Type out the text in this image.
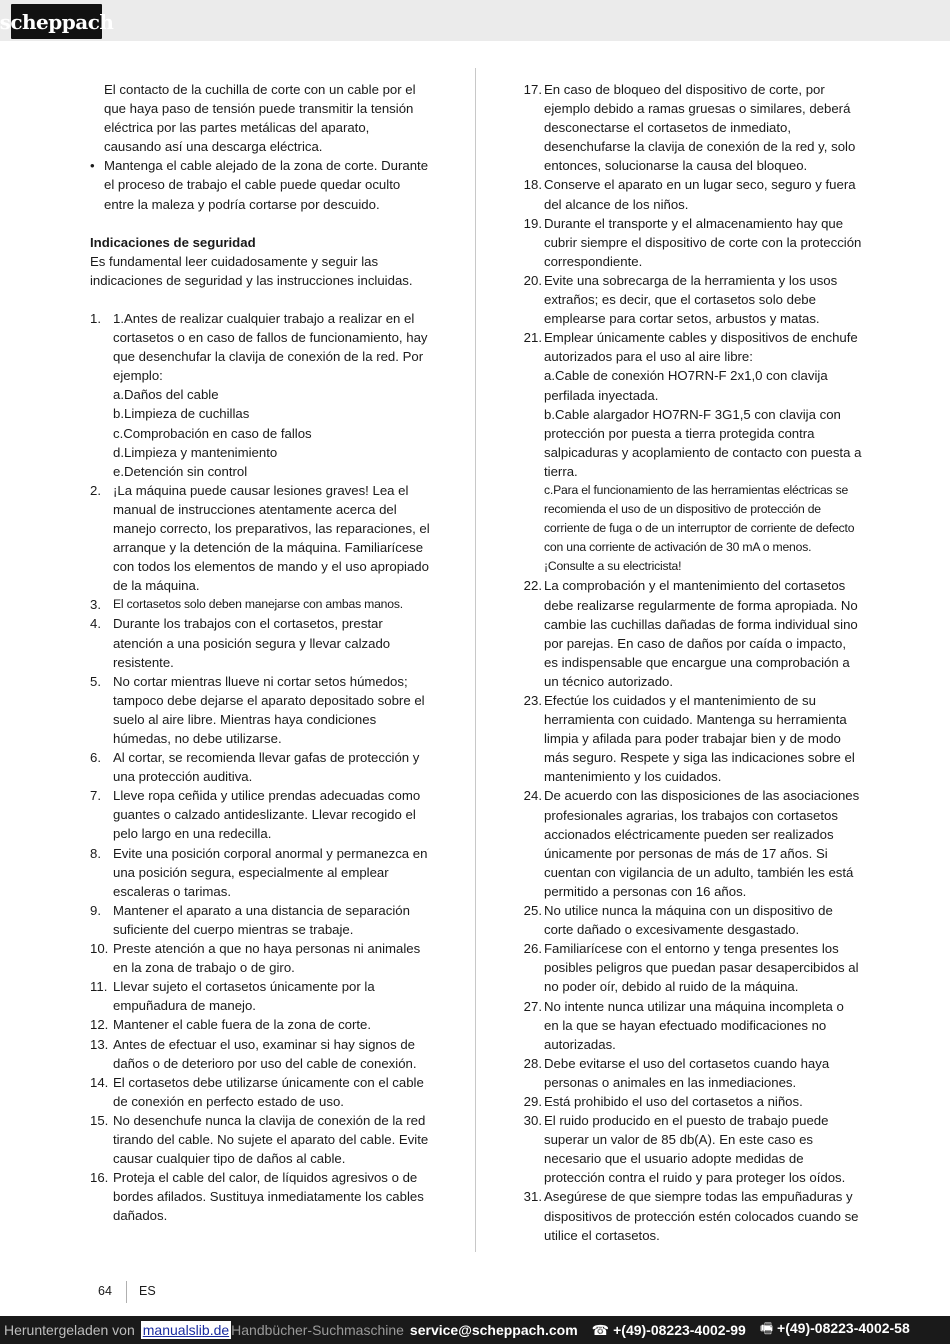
scheppach

El contacto de la cuchilla de corte con un cable por el que haya paso de tensión puede transmitir la tensión eléctrica por las partes metálicas del aparato, causando así una descarga eléctrica.

• Mantenga el cable alejado de la zona de corte. Durante el proceso de trabajo el cable puede quedar oculto entre la maleza y podría cortarse por descuido.

Indicaciones de seguridad

Es fundamental leer cuidadosamente y seguir las indicaciones de seguridad y las instrucciones incluidas.

1. 1.Antes de realizar cualquier trabajo a realizar en el cortasetos o en caso de fallos de funcionamiento, hay que desenchufar la clavija de conexión de la red. Por ejemplo:

a.Daños del cable

b.Limpieza de cuchillas

c.Comprobación en caso de fallos

d.Limpieza y mantenimiento

e.Detención sin control

2. ¡La máquina puede causar lesiones graves! Lea el manual de instrucciones atentamente acerca del manejo correcto, los preparativos, las reparaciones, el arranque y la detención de la máquina. Familiarícese con todos los elementos de mando y el uso apropiado de la máquina.
3. El cortasetos solo deben manejarse con ambas manos.
4. Durante los trabajos con el cortasetos, prestar atención a una posición segura y llevar calzado resistente.
5. No cortar mientras llueve ni cortar setos húmedos; tampoco debe dejarse el aparato depositado sobre el suelo al aire libre. Mientras haya condiciones húmedas, no debe utilizarse.
6. Al cortar, se recomienda llevar gafas de protección y una protección auditiva.
7. Lleve ropa ceñida y utilice prendas adecuadas como guantes o calzado antideslizante. Llevar recogido el pelo largo en una redecilla.
8. Evite una posición corporal anormal y permanezca en una posición segura, especialmente al emplear escaleras o tarimas.
9. Mantener el aparato a una distancia de separación suficiente del cuerpo mientras se trabaje.
10. Preste atención a que no haya personas ni animales en la zona de trabajo o de giro.
11. Llevar sujeto el cortasetos únicamente por la empuñadura de manejo.
12. Mantener el cable fuera de la zona de corte.
13. Antes de efectuar el uso, examinar si hay signos de daños o de deterioro por uso del cable de conexión.
14. El cortasetos debe utilizarse únicamente con el cable de conexión en perfecto estado de uso.
15. No desenchufe nunca la clavija de conexión de la red tirando del cable. No sujete el aparato del cable. Evite causar cualquier tipo de daños al cable.
16. Proteja el cable del calor, de líquidos agresivos o de bordes afilados. Sustituya inmediatamente los cables dañados.
17. En caso de bloqueo del dispositivo de corte, por ejemplo debido a ramas gruesas o similares, deberá desconectarse el cortasetos de inmediato, desenchufarse la clavija de conexión de la red y, solo entonces, solucionarse la causa del bloqueo.
18. Conserve el aparato en un lugar seco, seguro y fuera del alcance de los niños.
19. Durante el transporte y el almacenamiento hay que cubrir siempre el dispositivo de corte con la protección correspondiente.
20. Evite una sobrecarga de la herramienta y los usos extraños; es decir, que el cortasetos solo debe emplearse para cortar setos, arbustos y matas.
21. Emplear únicamente cables y dispositivos de enchufe autorizados para el uso al aire libre:

a.Cable de conexión HO7RN-F 2x1,0 con clavija perfilada inyectada.

b.Cable alargador HO7RN-F 3G1,5 con clavija con protección por puesta a tierra protegida contra salpicaduras y acoplamiento de contacto con puesta a tierra.

c.Para el funcionamiento de las herramientas eléctricas se recomienda el uso de un dispositivo de protección de corriente de fuga o de un interruptor de corriente de defecto con una corriente de activación de 30 mA o menos. ¡Consulte a su electricista!

22. La comprobación y el mantenimiento del cortasetos debe realizarse regularmente de forma apropiada. No cambie las cuchillas dañadas de forma individual sino por parejas. En caso de daños por caída o impacto, es indispensable que encargue una comprobación a un técnico autorizado.
23. Efectúe los cuidados y el mantenimiento de su herramienta con cuidado. Mantenga su herramienta limpia y afilada para poder trabajar bien y de modo más seguro. Respete y siga las indicaciones sobre el mantenimiento y los cuidados.
24. De acuerdo con las disposiciones de las asociaciones profesionales agrarias, los trabajos con cortasetos accionados eléctricamente pueden ser realizados únicamente por personas de más de 17 años. Si cuentan con vigilancia de un adulto, también les está permitido a personas con 16 años.
25. No utilice nunca la máquina con un dispositivo de corte dañado o excesivamente desgastado.
26. Familiarícese con el entorno y tenga presentes los posibles peligros que puedan pasar desapercibidos al no poder oír, debido al ruido de la máquina.
27. No intente nunca utilizar una máquina incompleta o en la que se hayan efectuado modificaciones no autorizadas.
28. Debe evitarse el uso del cortasetos cuando haya personas o animales en las inmediaciones.
29. Está prohibido el uso del cortasetos a niños.
30. El ruido producido en el puesto de trabajo puede superar un valor de 85 db(A). En este caso es necesario que el usuario adopte medidas de protección contra el ruido y para proteger los oídos.
31. Asegúrese de que siempre todas las empuñaduras y dispositivos de protección estén colocados cuando se utilice el cortasetos.
64	ES
Heruntergeladen von manualslib.de Handbücher-Suchmaschine service@scheppach.com ☎ +(49)-08223-4002-99 🖷 +(49)-08223-4002-58
